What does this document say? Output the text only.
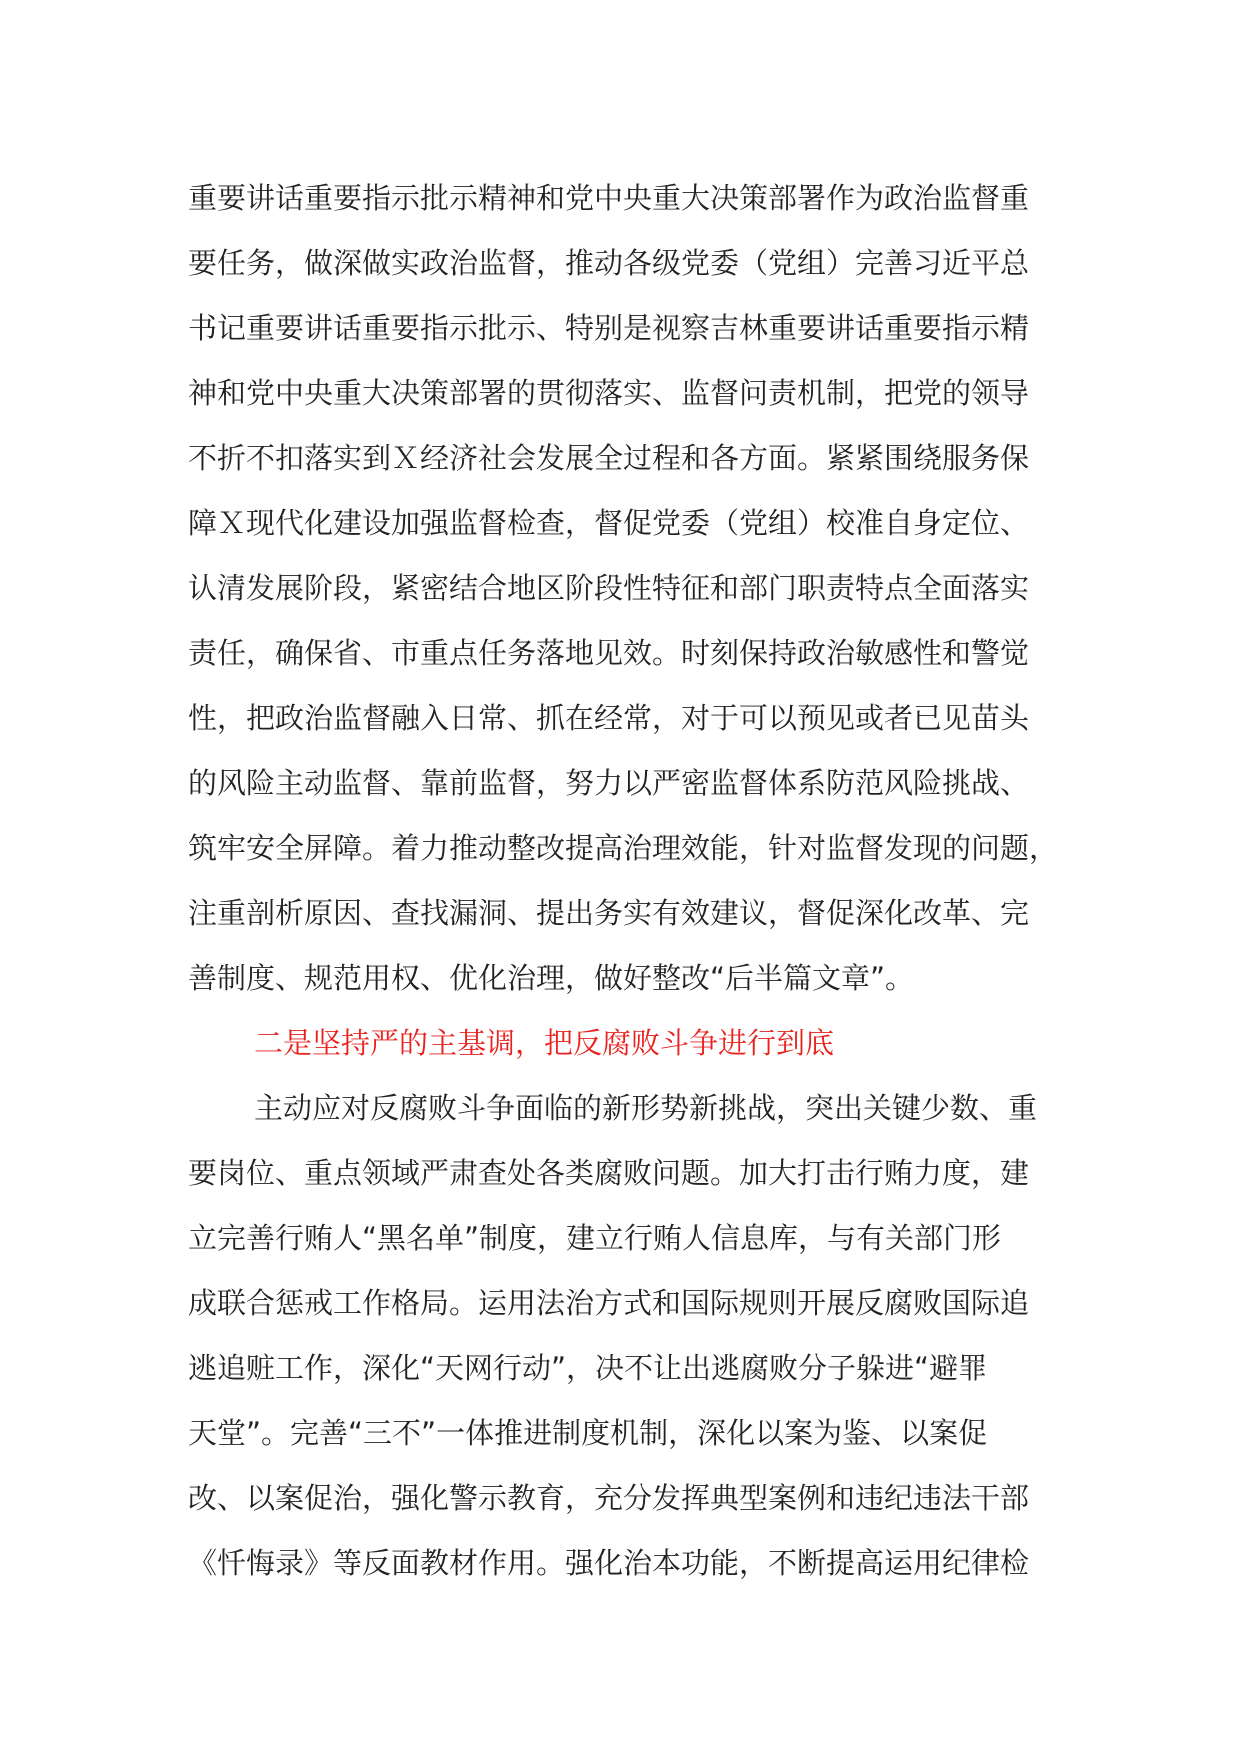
重要讲话重要指示批示精神和党中央重大决策部署作为政治监督重
要任务，做深做实政治监督，推动各级党委（党组）完善习近平总
书记重要讲话重要指示批示、特别是视察吉林重要讲话重要指示精
神和党中央重大决策部署的贯彻落实、监督问责机制，把党的领导
不折不扣落实到Ｘ经济社会发展全过程和各方面。紧紧围绕服务保
障Ｘ现代化建设加强监督检查，督促党委（党组）校准自身定位、
认清发展阶段，紧密结合地区阶段性特征和部门职责特点全面落实
责任，确保省、市重点任务落地见效。时刻保持政治敏感性和警觉
性，把政治监督融入日常、抓在经常，对于可以预见或者已见苗头
的风险主动监督、靠前监督，努力以严密监督体系防范风险挑战、
筑牢安全屏障。着力推动整改提高治理效能，针对监督发现的问题，
注重剖析原因、查找漏洞、提出务实有效建议，督促深化改革、完
善制度、规范用权、优化治理，做好整改“后半篇文章”。
二是坚持严的主基调，把反腐败斗争进行到底
主动应对反腐败斗争面临的新形势新挑战，突出关键少数、重
要岗位、重点领域严肃查处各类腐败问题。加大打击行贿力度，建
立完善行贿人“黑名单”制度，建立行贿人信息库，与有关部门形
成联合惩戒工作格局。运用法治方式和国际规则开展反腐败国际追
逃追赃工作，深化“天网行动”，决不让出逃腐败分子躲进“避罪
天堂”。完善“三不”一体推进制度机制，深化以案为鉴、以案促
改、以案促治，强化警示教育，充分发挥典型案例和违纪违法干部
《忏悔录》等反面教材作用。强化治本功能，不断提高运用纪律检
